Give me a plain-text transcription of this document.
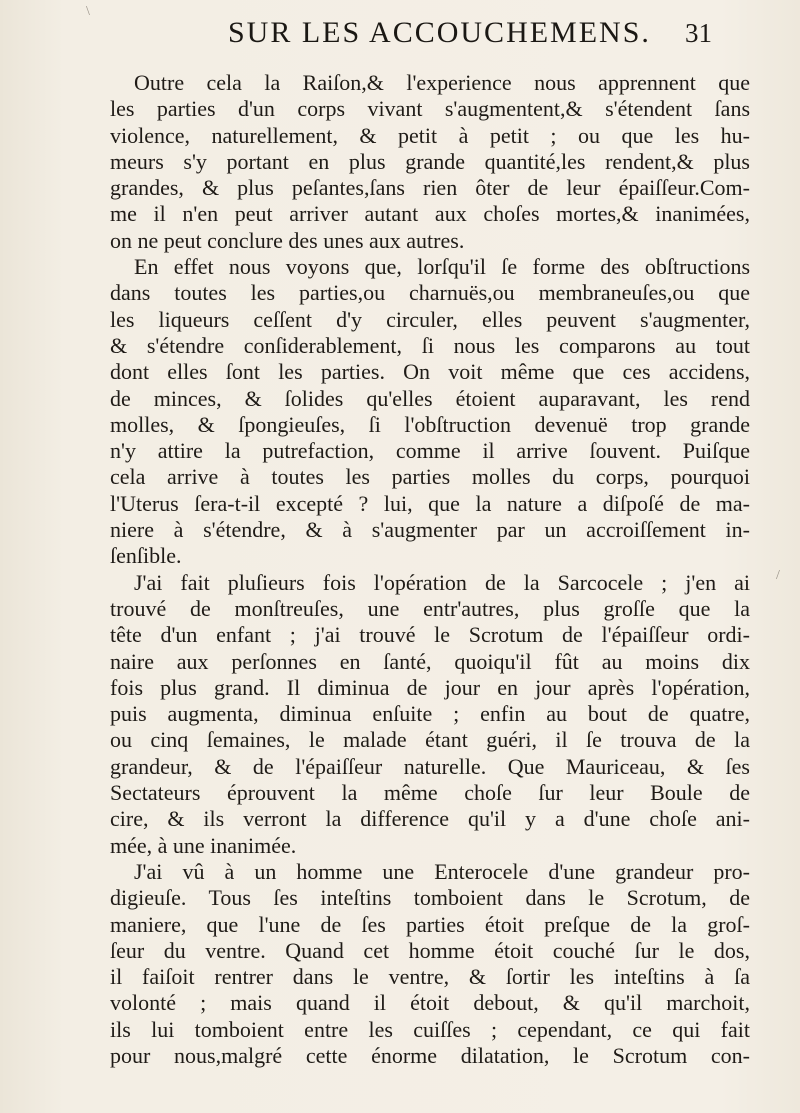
SUR LES ACCOUCHEMENS. 31
Outre cela la Raiſon,& l'experience nous apprennent que
les parties d'un corps vivant s'augmentent,& s'étendent ſans
violence, naturellement, & petit à petit ; ou que les hu-
meurs s'y portant en plus grande quantité,les rendent,& plus
grandes, & plus peſantes,ſans rien ôter de leur épaiſſeur.Com-
me il n'en peut arriver autant aux choſes mortes,& inanimées,
on ne peut conclure des unes aux autres.
En effet nous voyons que, lorſqu'il ſe forme des obſtructions
dans toutes les parties,ou charnuës,ou membraneuſes,ou que
les liqueurs ceſſent d'y circuler, elles peuvent s'augmenter,
& s'étendre conſiderablement, ſi nous les comparons au tout
dont elles ſont les parties. On voit même que ces accidens,
de minces, & ſolides qu'elles étoient auparavant, les rend
molles, & ſpongieuſes, ſi l'obſtruction devenuë trop grande
n'y attire la putrefaction, comme il arrive ſouvent. Puiſque
cela arrive à toutes les parties molles du corps, pourquoi
l'Uterus ſera-t-il excepté ? lui, que la nature a diſpoſé de ma-
niere à s'étendre, & à s'augmenter par un accroiſſement in-
ſenſible.
J'ai fait pluſieurs fois l'opération de la Sarcocele ; j'en ai
trouvé de monſtreuſes, une entr'autres, plus groſſe que la
tête d'un enfant ; j'ai trouvé le Scrotum de l'épaiſſeur ordi-
naire aux perſonnes en ſanté, quoiqu'il fût au moins dix
fois plus grand. Il diminua de jour en jour après l'opération,
puis augmenta, diminua enſuite ; enfin au bout de quatre,
ou cinq ſemaines, le malade étant guéri, il ſe trouva de la
grandeur, & de l'épaiſſeur naturelle. Que Mauriceau, & ſes
Sectateurs éprouvent la même choſe ſur leur Boule de
cire, & ils verront la difference qu'il y a d'une choſe ani-
mée, à une inanimée.
J'ai vû à un homme une Enterocele d'une grandeur pro-
digieuſe. Tous ſes inteſtins tomboient dans le Scrotum, de
maniere, que l'une de ſes parties étoit preſque de la groſ-
ſeur du ventre. Quand cet homme étoit couché ſur le dos,
il faiſoit rentrer dans le ventre, & ſortir les inteſtins à ſa
volonté ; mais quand il étoit debout, & qu'il marchoit,
ils lui tomboient entre les cuiſſes ; cependant, ce qui fait
pour nous,malgré cette énorme dilatation, le Scrotum con-
\
/
